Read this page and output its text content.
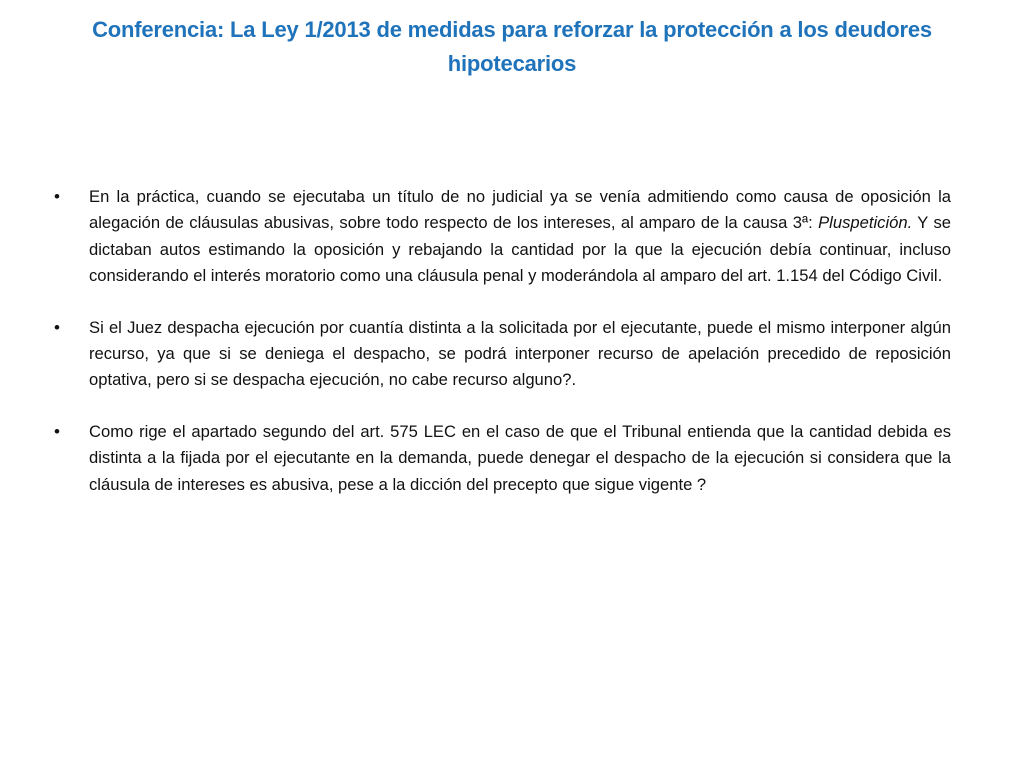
Conferencia: La Ley 1/2013 de medidas para reforzar la protección a los deudores hipotecarios
•	En la práctica, cuando se ejecutaba un título de no judicial ya se venía admitiendo como causa de oposición la alegación de cláusulas abusivas, sobre todo respecto de los intereses, al amparo de la causa 3ª: Pluspetición. Y se dictaban autos estimando la oposición y rebajando la cantidad por la que la ejecución debía continuar, incluso considerando el interés moratorio como una cláusula penal y moderándola al amparo del art. 1.154 del Código Civil.
•	Si el Juez despacha ejecución por cuantía distinta a la solicitada por el ejecutante, puede el mismo interponer algún recurso, ya que si se deniega el despacho, se podrá interponer recurso de apelación precedido de reposición optativa, pero si se despacha ejecución, no cabe recurso alguno?.
•	Como rige el apartado segundo del art. 575 LEC en el caso de que el Tribunal entienda que la cantidad debida es distinta a la fijada por el ejecutante en la demanda, puede denegar el despacho de la ejecución si considera que la cláusula de intereses es abusiva, pese a la dicción del precepto que sigue vigente ?
